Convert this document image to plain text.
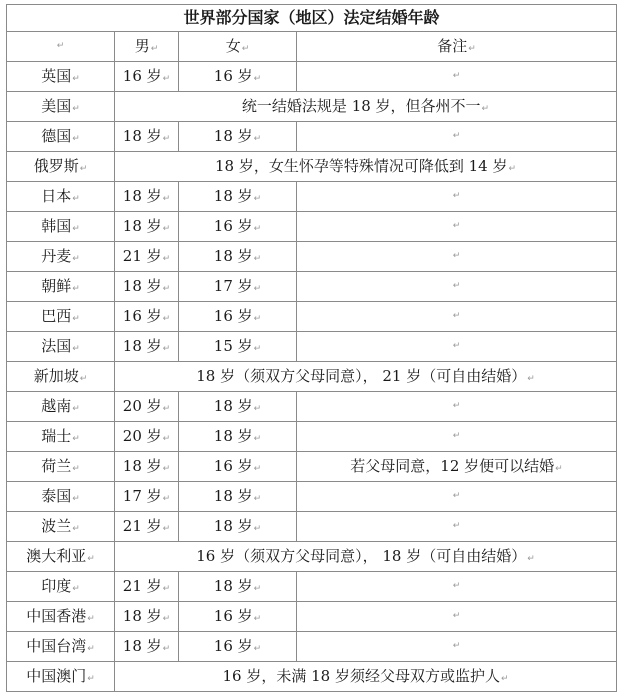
世界部分国家（地区）法定结婚年龄			
↵	男↵	女↵	备注↵
英国↵	16 岁↵	16 岁↵	↵
美国↵	统一结婚法规是 18 岁，但各州不一↵		
德国↵	18 岁↵	18 岁↵	↵
俄罗斯↵	18 岁，女生怀孕等特殊情况可降低到 14 岁↵		
日本↵	18 岁↵	18 岁↵	↵
韩国↵	18 岁↵	16 岁↵	↵
丹麦↵	21 岁↵	18 岁↵	↵
朝鲜↵	18 岁↵	17 岁↵	↵
巴西↵	16 岁↵	16 岁↵	↵
法国↵	18 岁↵	15 岁↵	↵
新加坡↵	18 岁（须双方父母同意）， 21 岁（可自由结婚）↵		
越南↵	20 岁↵	18 岁↵	↵
瑞士↵	20 岁↵	18 岁↵	↵
荷兰↵	18 岁↵	16 岁↵	若父母同意，12 岁便可以结婚↵
泰国↵	17 岁↵	18 岁↵	↵
波兰↵	21 岁↵	18 岁↵	↵
澳大利亚↵	16 岁（须双方父母同意）， 18 岁（可自由结婚）↵		
印度↵	21 岁↵	18 岁↵	↵
中国香港↵	18 岁↵	16 岁↵	↵
中国台湾↵	18 岁↵	16 岁↵	↵
中国澳门↵	16 岁，未满 18 岁须经父母双方或监护人↵		
